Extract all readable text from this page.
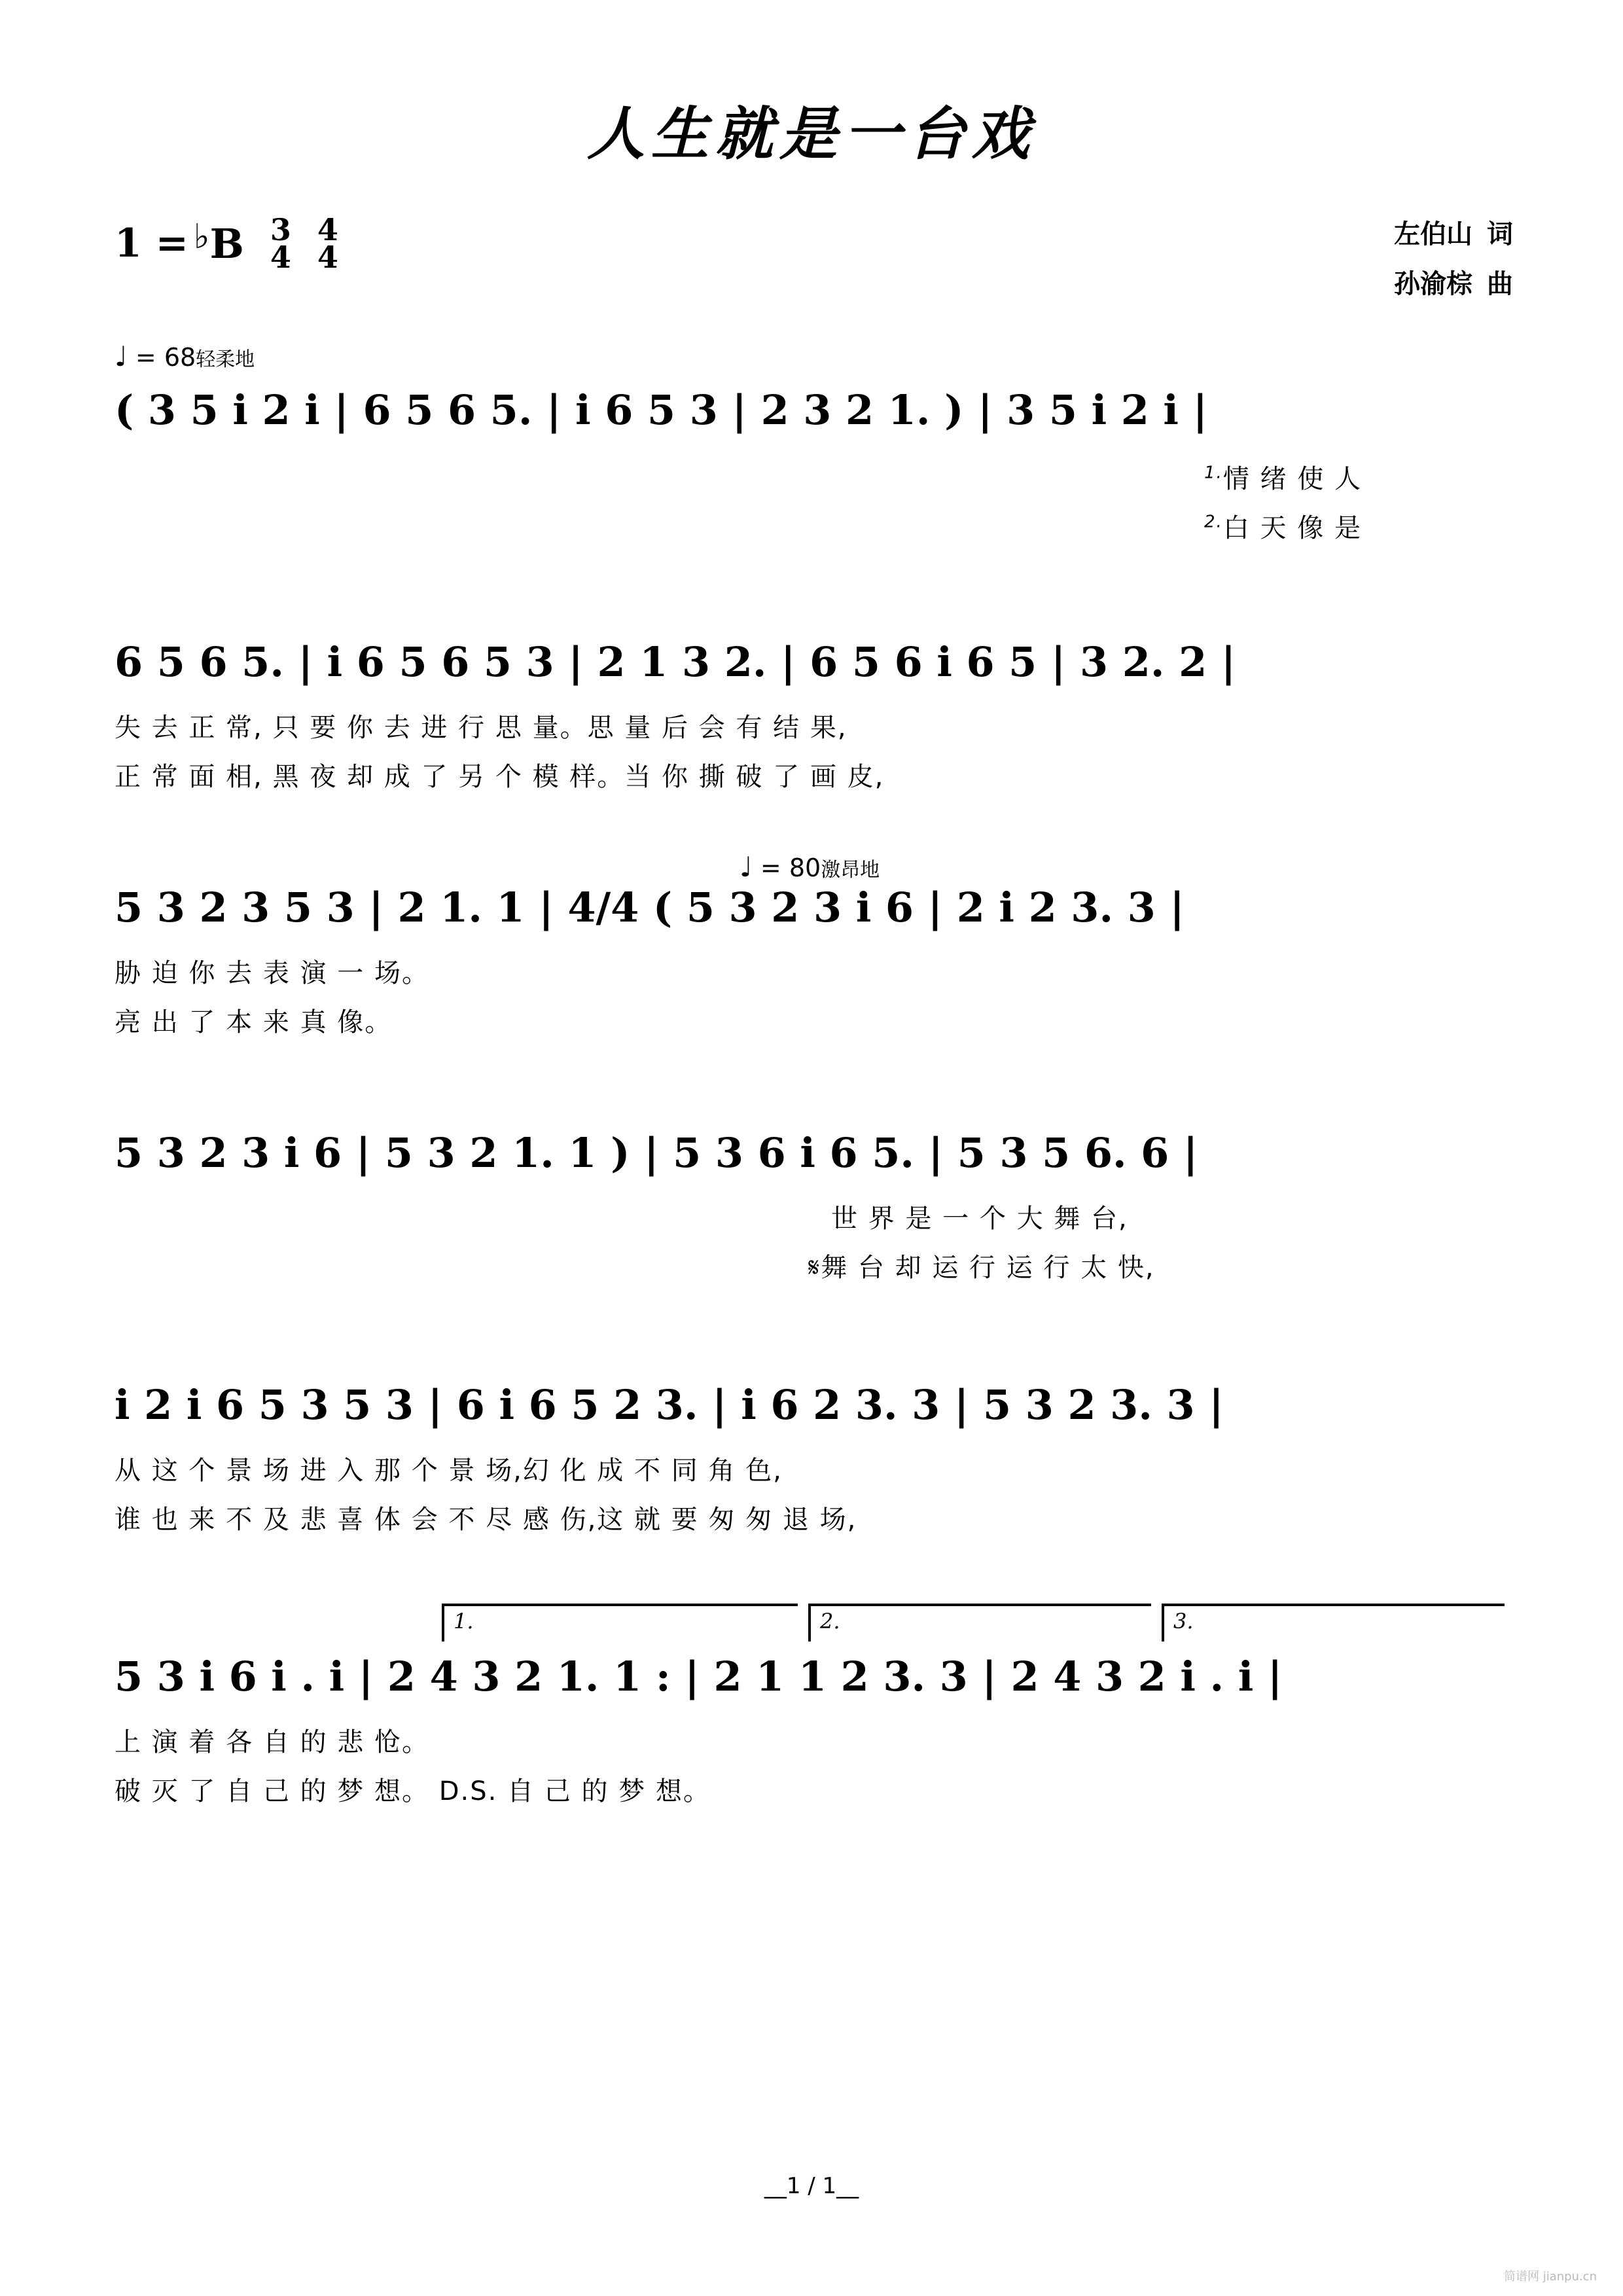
人生就是一台戏
1 = ♭ B 3
4
4
4
左伯山 词
孙渝棕 曲
♩ = 68轻柔地
( 3 5 i 2 i | 6 5 6 5. | i 6 5 3 | 2 3 2 1. ) | 3 5 i 2 i |
$^{1.}$情 绪 使 人
$^{2.}$白 天 像 是
6 5 6 5. | i 6 5 6 5 3 | 2 1 3 2. | 6 5 6 i 6 5 | 3 2. 2 |
失 去 正 常, 只 要 你 去 进 行 思 量。思 量 后 会 有 结 果,
正 常 面 相, 黑 夜 却 成 了 另 个 模 样。当 你 撕 破 了 画 皮,
♩ = 80激昂地
5 3 2 3 5 3 | 2 1. 1 | 4/4 ( 5 3 2 3 i 6 | 2 i 2 3. 3 |
胁 迫 你 去 表 演 一 场。
亮 出 了 本 来 真 像。
5 3 2 3 i 6 | 5 3 2 1. 1 ) | 5 3 6 i 6 5. | 5 3 5 6. 6 |
世 界 是 一 个 大 舞 台,
𝄋舞 台 却 运 行 运 行 太 快,
i 2 i 6 5 3 5 3 | 6 i 6 5 2 3. | i 6 2 3. 3 | 5 3 2 3. 3 |
从 这 个 景 场 进 入 那 个 景 场,幻 化 成 不 同 角 色,
谁 也 来 不 及 悲 喜 体 会 不 尽 感 伤,这 就 要 匆 匆 退 场,
1.	2.	3.
5 3 i 6 i . i | 2 4 3 2 1. 1 : | 2 1 1 2 3. 3 | 2 4 3 2 i . i |
上 演 着 各 自 的 悲 怆。
破 灭 了 自 己 的 梦 想。 D.S. 自 己 的 梦 想。
__1 / 1__
简谱网 jianpu.cn
